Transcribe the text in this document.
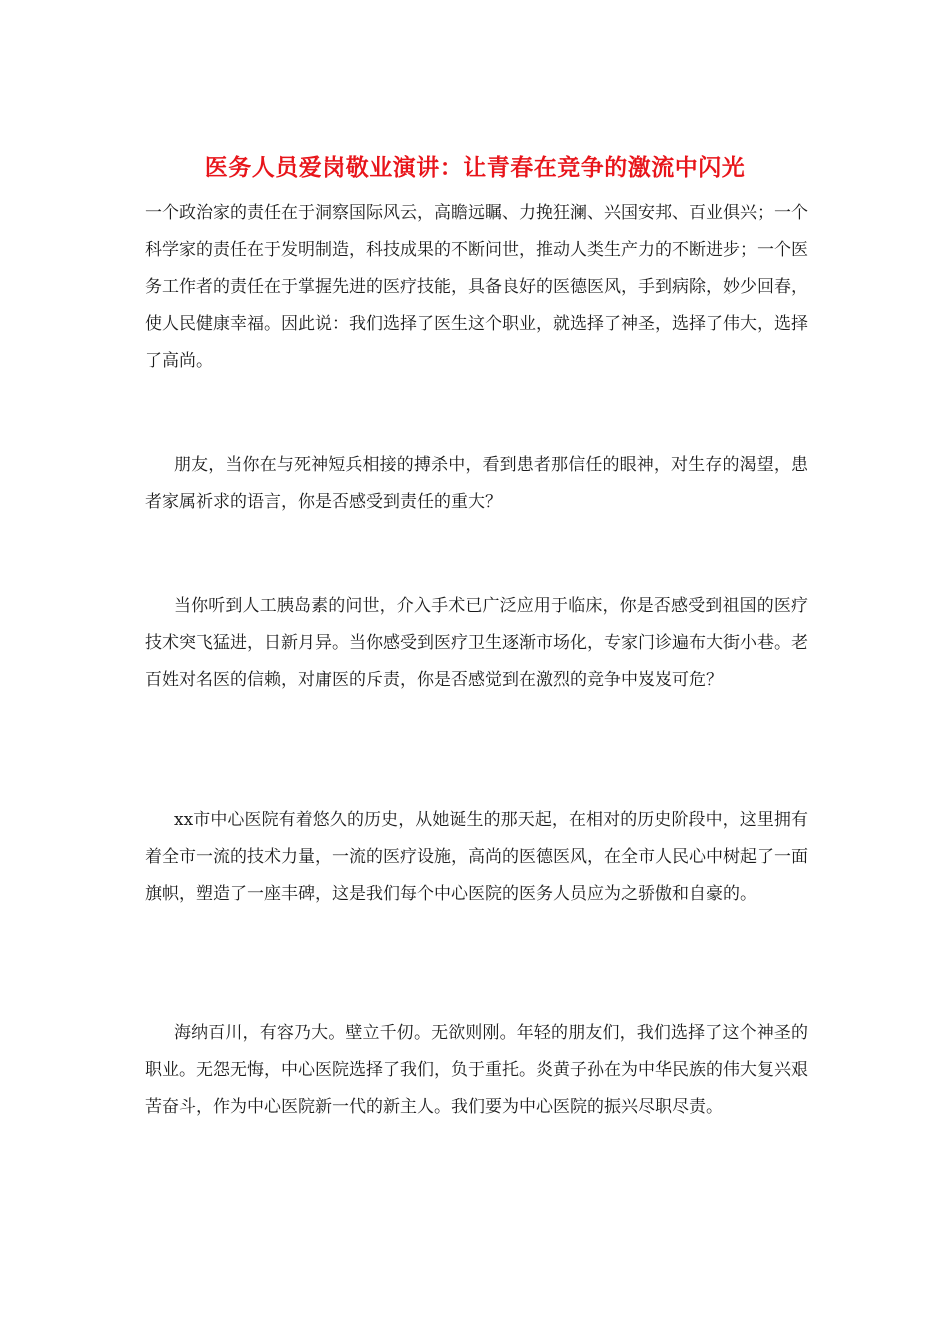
医务人员爱岗敬业演讲：让青春在竞争的激流中闪光

一个政治家的责任在于洞察国际风云，高瞻远瞩、力挽狂澜、兴国安邦、百业俱兴；一个科学家的责任在于发明制造，科技成果的不断问世，推动人类生产力的不断进步；一个医务工作者的责任在于掌握先进的医疗技能，具备良好的医德医风，手到病除，妙少回春，使人民健康幸福。因此说：我们选择了医生这个职业，就选择了神圣，选择了伟大，选择了高尚。

朋友，当你在与死神短兵相接的搏杀中，看到患者那信任的眼神，对生存的渴望，患者家属祈求的语言，你是否感受到责任的重大？

当你听到人工胰岛素的问世，介入手术已广泛应用于临床，你是否感受到祖国的医疗技术突飞猛进，日新月异。当你感受到医疗卫生逐渐市场化，专家门诊遍布大街小巷。老百姓对名医的信赖，对庸医的斥责，你是否感觉到在激烈的竞争中岌岌可危？

xx市中心医院有着悠久的历史，从她诞生的那天起，在相对的历史阶段中，这里拥有着全市一流的技术力量，一流的医疗设施，高尚的医德医风，在全市人民心中树起了一面旗帜，塑造了一座丰碑，这是我们每个中心医院的医务人员应为之骄傲和自豪的。

海纳百川，有容乃大。壁立千仞。无欲则刚。年轻的朋友们，我们选择了这个神圣的职业。无怨无悔，中心医院选择了我们，负于重托。炎黄子孙在为中华民族的伟大复兴艰苦奋斗，作为中心医院新一代的新主人。我们要为中心医院的振兴尽职尽责。
